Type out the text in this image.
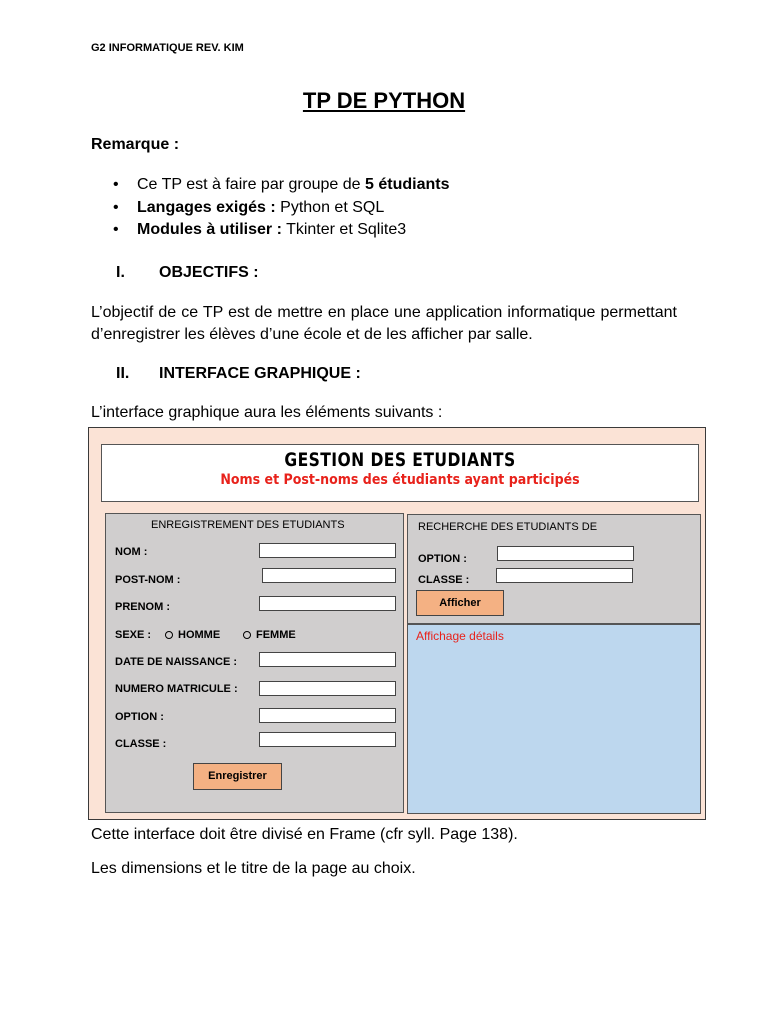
G2 INFORMATIQUE REV. KIM
TP DE PYTHON
Remarque :
• Ce TP est à faire par groupe de 5 étudiants
• Langages exigés : Python et SQL
• Modules à utiliser : Tkinter et Sqlite3
I. OBJECTIFS :
L’objectif de ce TP est de mettre en place une application informatique permettant d’enregistrer les élèves d’une école et de les afficher par salle.
II. INTERFACE GRAPHIQUE :
L’interface graphique aura les éléments suivants :
GESTION DES ETUDIANTS
Noms et Post-noms des étudiants ayant participés
ENREGISTREMENT DES ETUDIANTS
NOM :
POST-NOM :
PRENOM :
SEXE : HOMME	FEMME
DATE DE NAISSANCE :
NUMERO MATRICULE :
OPTION :
CLASSE :
Enregistrer
RECHERCHE DES ETUDIANTS DE
OPTION :
CLASSE :
Afficher
Affichage détails
Cette interface doit être divisé en Frame (cfr syll. Page 138).
Les dimensions et le titre de la page au choix.
